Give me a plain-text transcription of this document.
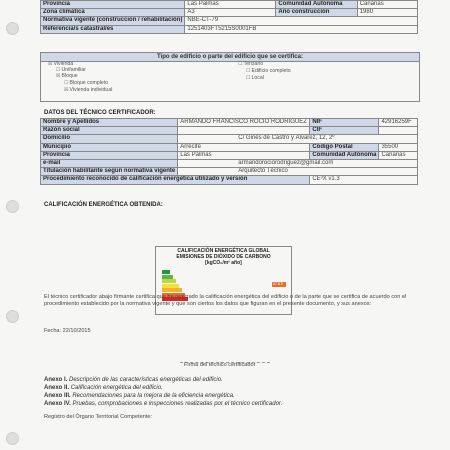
Provincia	Las Palmas	Comunidad Autónoma	Canarias
Zona climática	A3	Año construcción	1980
Normativa vigente (construcción / rehabilitación)	NBE-CT-79		
Referencia/s catastral/es	1251403FT5215S0001FB		
Tipo de edificio o parte del edificio que se certifica:
☒Vivienda
☐Unifamiliar
☒Bloque
☐Bloque completo
☒Vivienda individual
☐Terciario
☐Edificio completo
☐Local
DATOS DEL TÉCNICO CERTIFICADOR:
Nombre y Apellidos	ARMANDO FRANCISCO ROCIO RODRIGUEZ	NIF	42916259F
Razón social		CIF	
Domicilio	C/ Ginés de Castro y Álvarez, 12, 2º		
Municipio	Arrecife	Código Postal	35500
Provincia	Las Palmas	Comunidad Autónoma	Canarias
e-mail	armandorociorodriguez@gmail.com		
Titulación habilitante según normativa vigente	Arquitecto Técnico		
Procedimiento reconocido de calificación energética utilizado y versión		CE³X v1.3	
CALIFICACIÓN ENERGÉTICA OBTENIDA:
CALIFICACIÓN ENERGÉTICA GLOBAL
EMISIONES DE DIÓXIDO DE CARBONO
[kgCO₂/m² año]
67.8 E
El técnico certificador abajo firmante certifica que ha realizado la calificación energética del edificio o de la parte que se certifica de acuerdo con el procedimiento establecido por la normativa vigente y que son ciertos los datos que figuran en el presente documento, y sus anexos:
Fecha: 22/10/2015
Firma del técnico certificador
Anexo I. Descripción de las características energéticas del edificio.
Anexo II. Calificación energética del edificio.
Anexo III. Recomendaciones para la mejora de la eficiencia energética.
Anexo IV. Pruebas, comprobaciones e inspecciones realizadas por el técnico certificador.
Registro del Órgano Territorial Competente:
